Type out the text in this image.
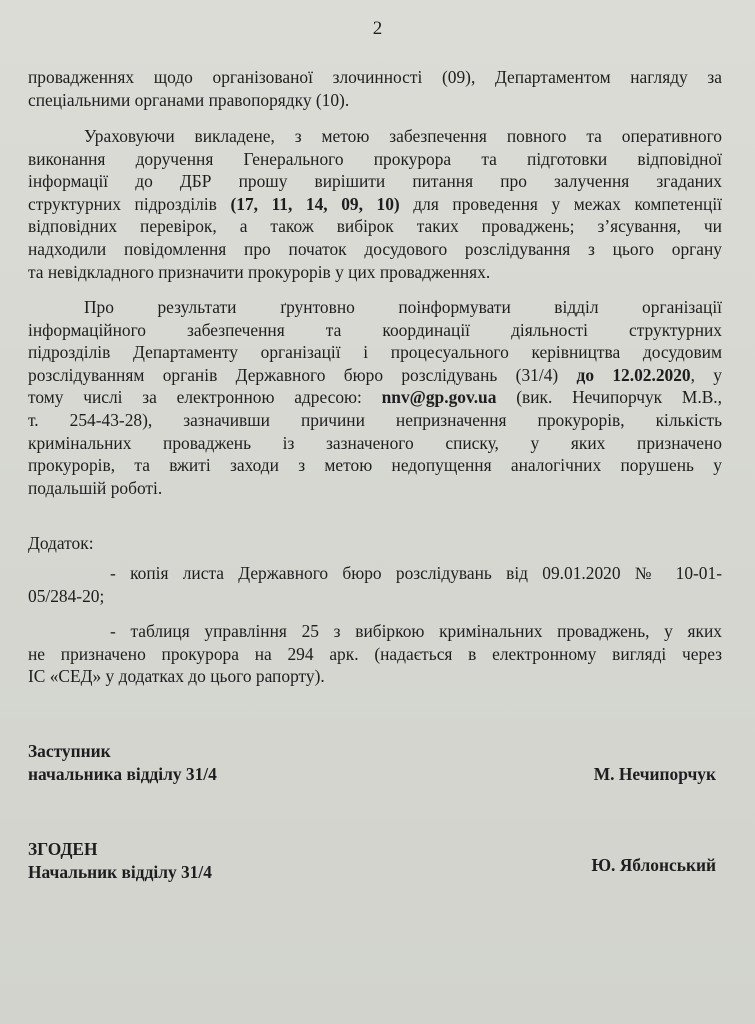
2
провадженнях щодо організованої злочинності (09), Департаментом нагляду за
спеціальними органами правопорядку (10).
Ураховуючи викладене, з метою забезпечення повного та оперативного
виконання доручення Генерального прокурора та підготовки відповідної
інформації до ДБР прошу вирішити питання про залучення згаданих
структурних підрозділів (17, 11, 14, 09, 10) для проведення у межах компетенції
відповідних перевірок, а також вибірок таких проваджень; з’ясування, чи
надходили повідомлення про початок досудового розслідування з цього органу
та невідкладного призначити прокурорів у цих провадженнях.
Про результати ґрунтовно поінформувати відділ організації
інформаційного забезпечення та координації діяльності структурних
підрозділів Департаменту організації і процесуального керівництва досудовим
розслідуванням органів Державного бюро розслідувань (31/4) до 12.02.2020, у
тому числі за електронною адресою: nnv@gp.gov.ua (вик. Нечипорчук М.В.,
т. 254-43-28), зазначивши причини непризначення прокурорів, кількість
кримінальних проваджень із зазначеного списку, у яких призначено
прокурорів, та вжиті заходи з метою недопущення аналогічних порушень у
подальшій роботі.
Додаток:
- копія листа Державного бюро розслідувань від 09.01.2020 № 10-01-
05/284-20;
- таблиця управління 25 з вибіркою кримінальних проваджень, у яких
не призначено прокурора на 294 арк. (надається в електронному вигляді через
ІС «СЕД» у додатках до цього рапорту).
Заступник
начальника відділу 31/4	М. Нечипорчук
ЗГОДЕН
Начальник відділу 31/4	Ю. Яблонський
